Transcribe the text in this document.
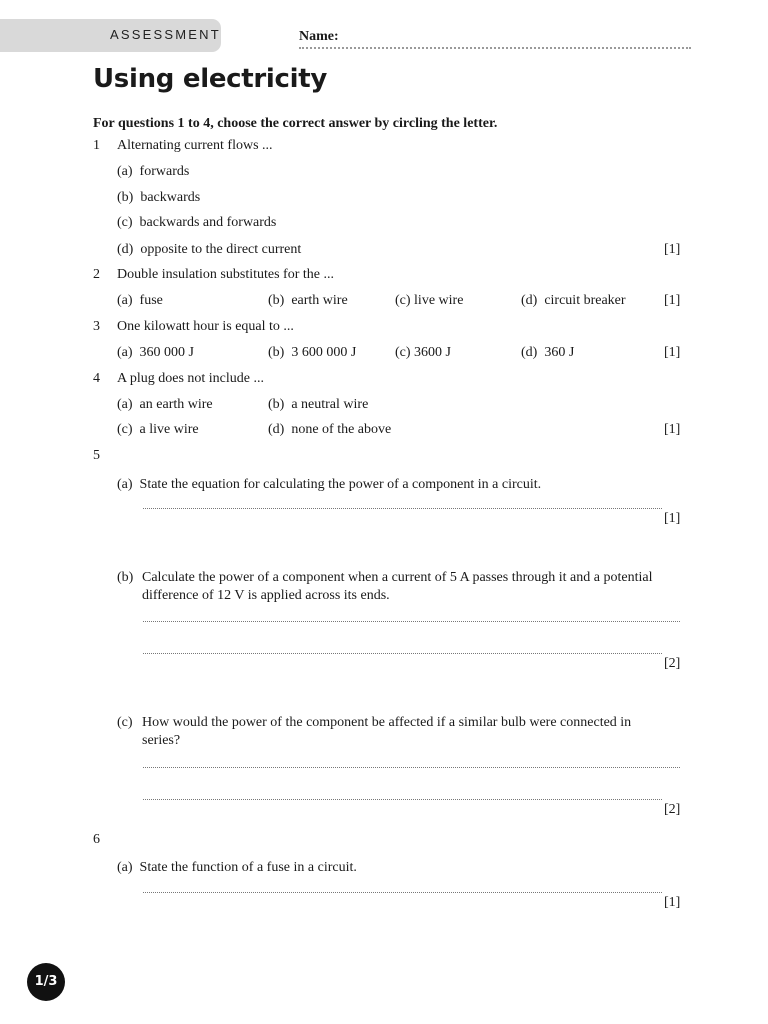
ASSESSMENT	Name:
Using electricity
For questions 1 to 4, choose the correct answer by circling the letter.
1 Alternating current flows ...
(a) forwards
(b) backwards
(c) backwards and forwards
(d) opposite to the direct current	[1]
2 Double insulation substitutes for the ...
(a) fuse	(b) earth wire	(c) live wire	(d) circuit breaker	[1]
3 One kilowatt hour is equal to ...
(a) 360 000 J	(b) 3 600 000 J	(c) 3600 J	(d) 360 J	[1]
4 A plug does not include ...
(a) an earth wire	(b) a neutral wire
(c) a live wire	(d) none of the above	[1]
5
(a) State the equation for calculating the power of a component in a circuit.
[1]
(b) Calculate the power of a component when a current of 5 A passes through it and a potential
difference of 12 V is applied across its ends.
[2]
(c) How would the power of the component be affected if a similar bulb were connected in
series?
[2]
6
(a) State the function of a fuse in a circuit.
[1]
1/3
